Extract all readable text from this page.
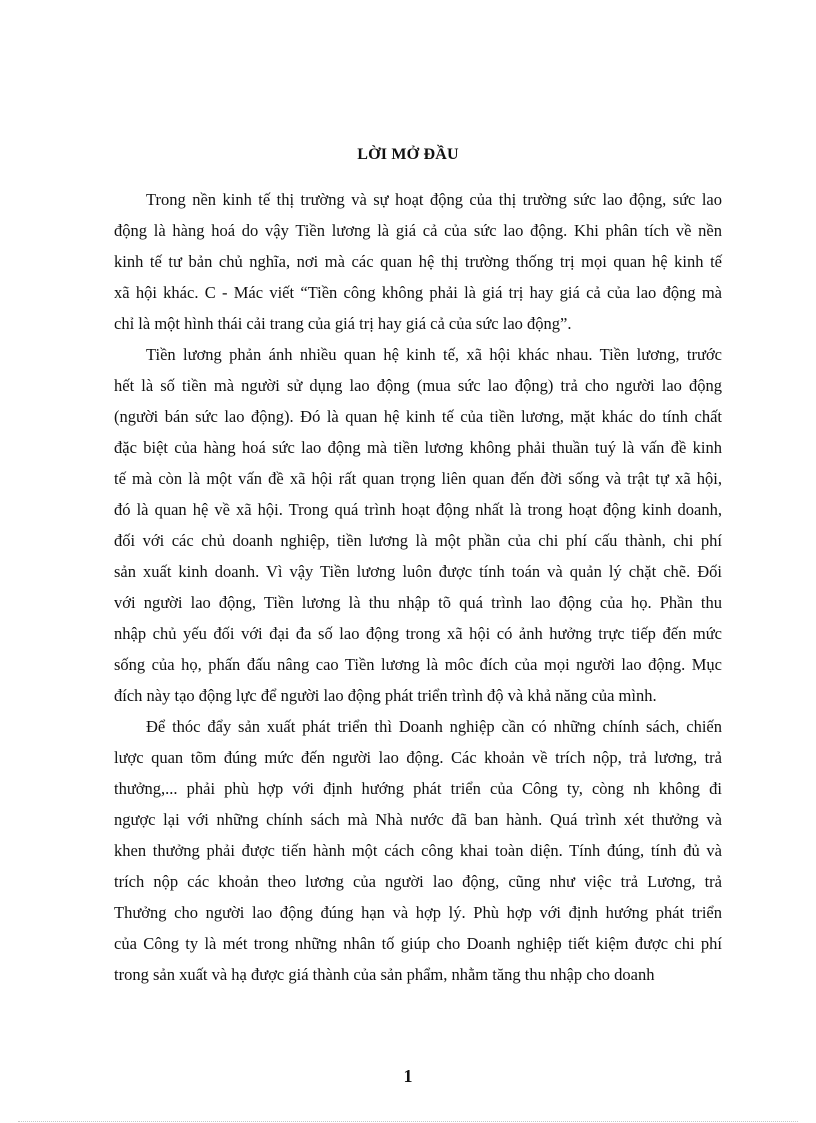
LỜI MỞ ĐẦU
Trong nền kinh tế thị trường và sự hoạt động của thị trường sức lao động, sức lao
động là hàng hoá do vậy Tiền lương là giá cả của sức lao động. Khi phân tích về nền
kinh tế tư bản chủ nghĩa, nơi mà các quan hệ thị trường thống trị mọi quan hệ kinh tế
xã hội khác. C - Mác viết “Tiền công không phải là giá trị hay giá cả của lao động mà
chỉ là một hình thái cải trang của giá trị hay giá cả của sức lao động”.
Tiền lương phản ánh nhiều quan hệ kinh tế, xã hội khác nhau. Tiền lương, trước
hết là số tiền mà người sử dụng lao động (mua sức lao động) trả cho người lao động
(người bán sức lao động). Đó là quan hệ kinh tế của tiền lương, mặt khác do tính chất
đặc biệt của hàng hoá sức lao động mà tiền lương không phải thuần tuý là vấn đề kinh
tế mà còn là một vấn đề xã hội rất quan trọng liên quan đến đời sống và trật tự xã hội,
đó là quan hệ về xã hội. Trong quá trình hoạt động nhất là trong hoạt động kinh doanh,
đối với các chủ doanh nghiệp, tiền lương là một phần của chi phí cấu thành, chi phí
sản xuất kinh doanh. Vì vậy Tiền lương luôn được tính toán và quản lý chặt chẽ. Đối
với người lao động, Tiền lương là thu nhập tõ quá trình lao động của họ. Phần thu
nhập chủ yếu đối với đại đa số lao động trong xã hội có ảnh hưởng trực tiếp đến mức
sống của họ, phấn đấu nâng cao Tiền lương là môc đích của mọi người lao động. Mục
đích này tạo động lực để người lao động phát triển trình độ và khả năng của mình.
Để thóc đẩy sản xuất phát triển thì Doanh nghiệp cần có những chính sách, chiến
lược quan tõm đúng mức đến người lao động. Các khoản về trích nộp, trả lương, trả
thưởng,... phải phù hợp với định hướng phát triển của Công ty, còng nh không đi
ngược lại với những chính sách mà Nhà nước đã ban hành. Quá trình xét thưởng và
khen thưởng phải được tiến hành một cách công khai toàn diện. Tính đúng, tính đủ và
trích nộp các khoản theo lương của người lao động, cũng như việc trả Lương, trả
Thưởng cho người lao động đúng hạn và hợp lý. Phù hợp với định hướng phát triển
của Công ty là mét trong những nhân tố giúp cho Doanh nghiệp tiết kiệm được chi phí
trong sản xuất và hạ được giá thành của sản phẩm, nhằm tăng thu nhập cho doanh
1
